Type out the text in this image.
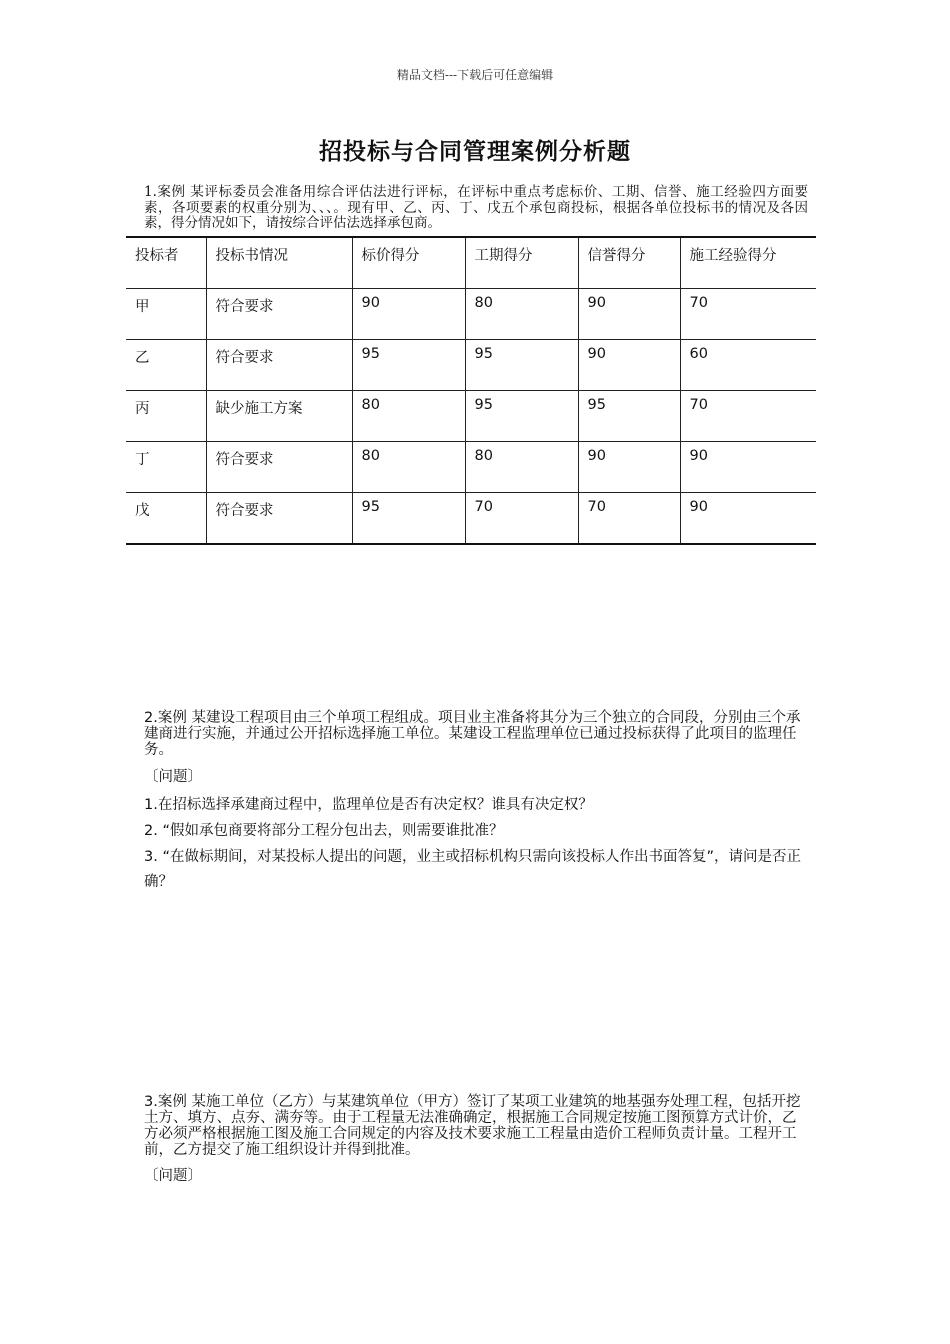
精品文档---下载后可任意编辑
招投标与合同管理案例分析题
1.案例 某评标委员会准备用综合评估法进行评标，在评标中重点考虑标价、工期、信誉、施工经验四方面要素，各项要素的权重分别为、、、。现有甲、乙、丙、丁、戊五个承包商投标，根据各单位投标书的情况及各因素，得分情况如下，请按综合评估法选择承包商。
投标者	投标书情况	标价得分	工期得分	信誉得分	施工经验得分
甲	符合要求	90	80	90	70
乙	符合要求	95	95	90	60
丙	缺少施工方案	80	95	95	70
丁	符合要求	80	80	90	90
戊	符合要求	95	70	70	90
2.案例 某建设工程项目由三个单项工程组成。项目业主准备将其分为三个独立的合同段，分别由三个承建商进行实施，并通过公开招标选择施工单位。某建设工程监理单位已通过投标获得了此项目的监理任务。
〔问题〕
1.在招标选择承建商过程中，监理单位是否有决定权？谁具有决定权？
2. “假如承包商要将部分工程分包出去，则需要谁批准？
3. “在做标期间，对某投标人提出的问题，业主或招标机构只需向该投标人作出书面答复”，请问是否正确？
3.案例 某施工单位（乙方）与某建筑单位（甲方）签订了某项工业建筑的地基强夯处理工程，包括开挖土方、填方、点夯、满夯等。由于工程量无法准确确定，根据施工合同规定按施工图预算方式计价，乙方必须严格根据施工图及施工合同规定的内容及技术要求施工工程量由造价工程师负责计量。工程开工前，乙方提交了施工组织设计并得到批准。
〔问题〕
